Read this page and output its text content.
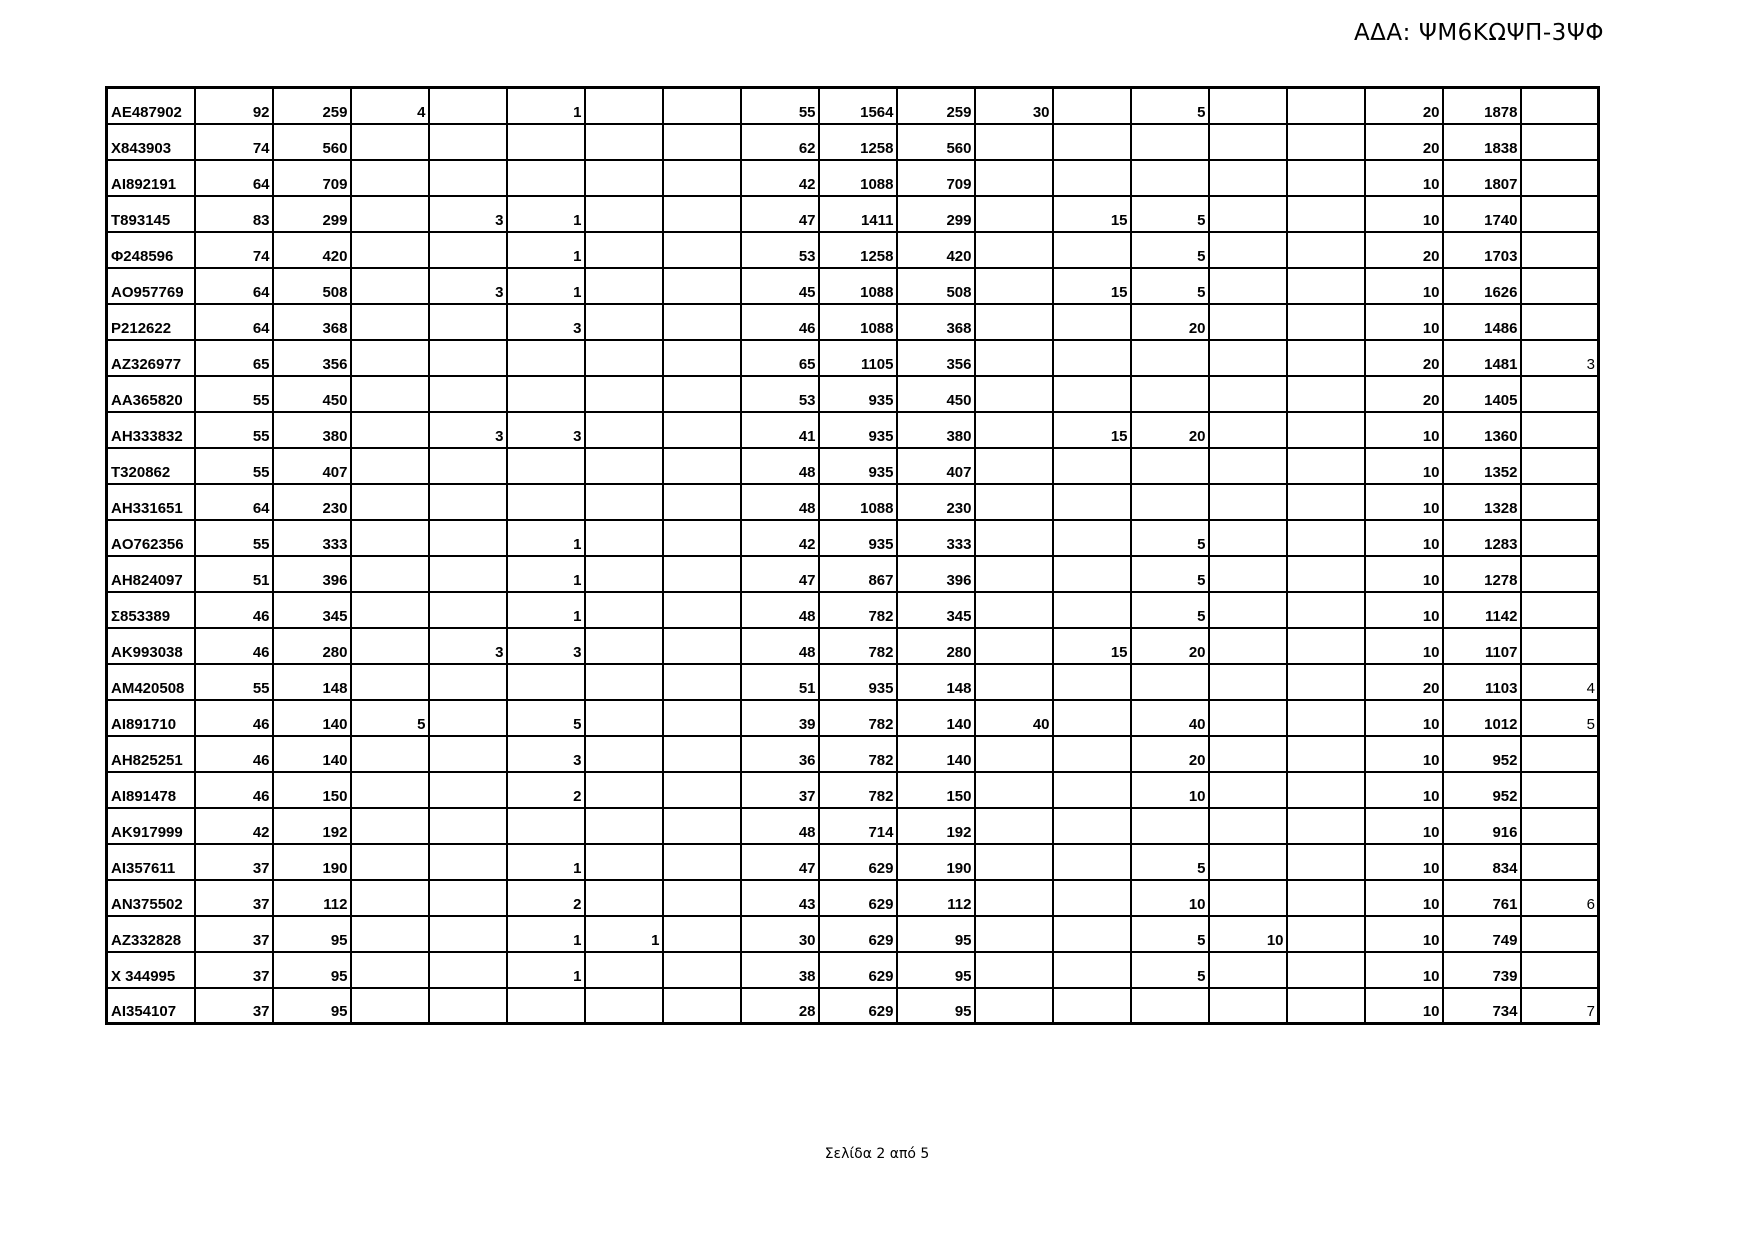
ΑΔΑ: ΨΜ6ΚΩΨΠ-3ΨΦ
AE487902	92	259	4		1			55	1564	259	30		5			20	1878	
X843903	74	560						62	1258	560						20	1838	
AI892191	64	709						42	1088	709						10	1807	
T893145	83	299		3	1			47	1411	299		15	5			10	1740	
Φ248596	74	420			1			53	1258	420			5			20	1703	
AO957769	64	508		3	1			45	1088	508		15	5			10	1626	
P212622	64	368			3			46	1088	368			20			10	1486	
AZ326977	65	356						65	1105	356						20	1481	3
AA365820	55	450						53	935	450						20	1405	
AH333832	55	380		3	3			41	935	380		15	20			10	1360	
T320862	55	407						48	935	407						10	1352	
AH331651	64	230						48	1088	230						10	1328	
AO762356	55	333			1			42	935	333			5			10	1283	
AH824097	51	396			1			47	867	396			5			10	1278	
Σ853389	46	345			1			48	782	345			5			10	1142	
AK993038	46	280		3	3			48	782	280		15	20			10	1107	
AM420508	55	148						51	935	148						20	1103	4
AI891710	46	140	5		5			39	782	140	40		40			10	1012	5
AH825251	46	140			3			36	782	140			20			10	952	
AI891478	46	150			2			37	782	150			10			10	952	
AK917999	42	192						48	714	192						10	916	
AI357611	37	190			1			47	629	190			5			10	834	
AN375502	37	112			2			43	629	112			10			10	761	6
AZ332828	37	95			1	1		30	629	95			5	10		10	749	
X 344995	37	95			1			38	629	95			5			10	739	
AI354107	37	95						28	629	95						10	734	7
Σελίδα 2 από 5
